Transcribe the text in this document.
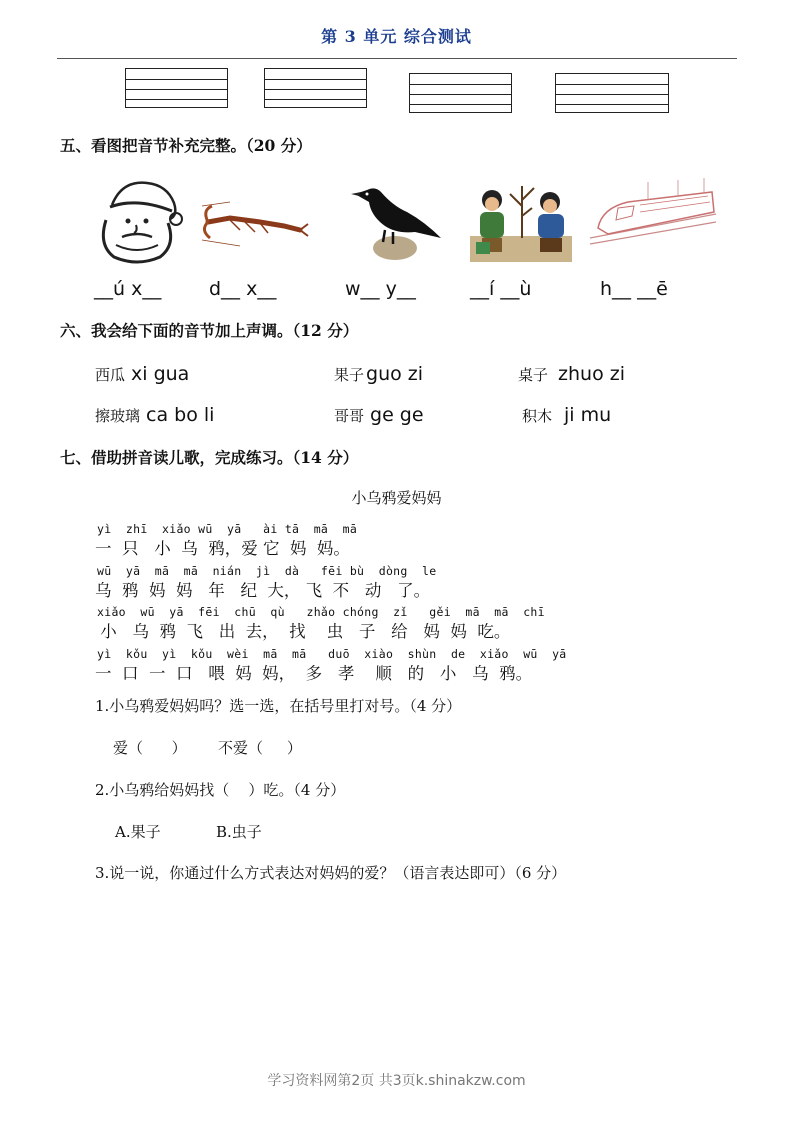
第 3 单元 综合测试
五、看图把音节补充完整。（20 分）
__ú x__	d__ x__	w__ y__	__í __ù	h__ __ē
六、我会给下面的音节加上声调。（12 分）
西瓜 xi gua	果子 guo zi	桌子 zhuo zi
擦玻璃 ca bo li	哥哥 ge ge	积木 ji mu
七、借助拼音读儿歌，完成练习。（14 分）
小乌鸦爱妈妈
yì  zhī  xiǎo wū  yā   ài tā  mā  mā
一  只   小  乌  鸦，爱 它  妈  妈。
wū  yā  mā  mā  nián  jì  dà   fēi bù  dòng  le
乌  鸦  妈  妈   年   纪  大， 飞  不   动   了。
xiǎo  wū  yā  fēi  chū  qù   zhǎo chóng  zǐ   gěi  mā  mā  chī
小   乌  鸦  飞   出  去，  找    虫   子   给   妈  妈  吃。
yì  kǒu  yì  kǒu  wèi  mā  mā   duō  xiào  shùn  de  xiǎo  wū  yā
一  口  一  口   喂  妈  妈，  多   孝    顺   的   小   乌  鸦。
1.小乌鸦爱妈妈吗？选一选，在括号里打对号。（4 分）
爱（      ） 不爱（     ）
2.小乌鸦给妈妈找（    ）吃。（4 分）
A.果子	B.虫子
3.说一说，你通过什么方式表达对妈妈的爱？（语言表达即可）（6 分）
学习资料网第2页 共3页k.shinakzw.com
